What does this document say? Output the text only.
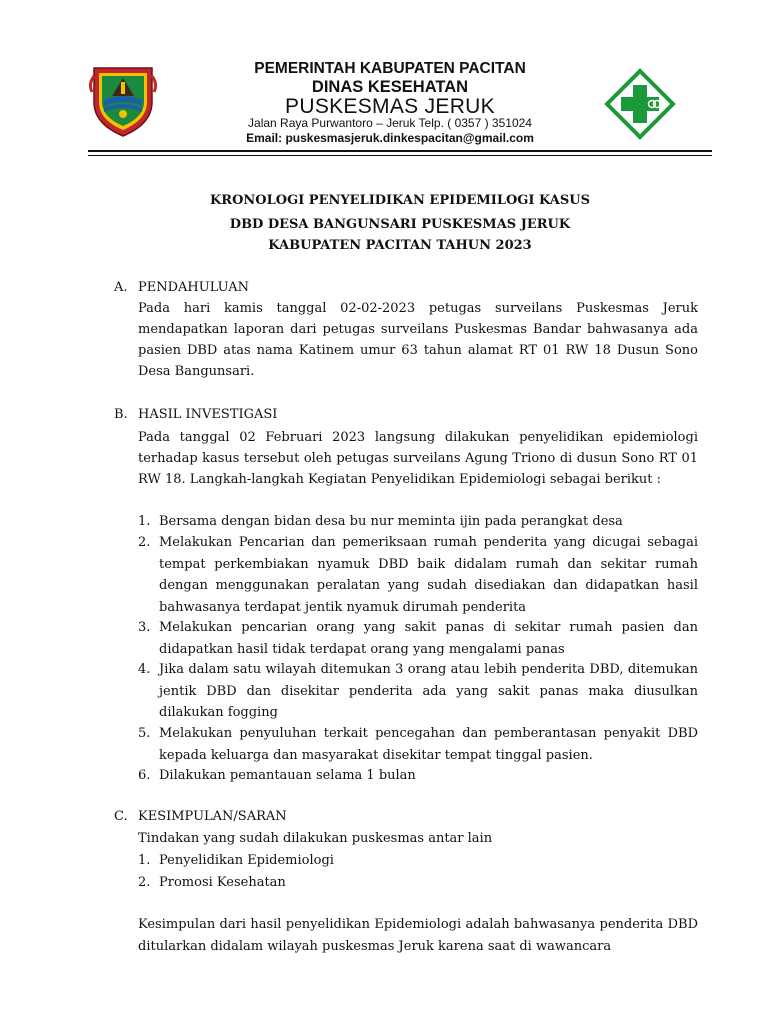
PEMERINTAH KABUPATEN PACITAN
DINAS KESEHATAN
PUSKESMAS JERUK
Jalan Raya Purwantoro – Jeruk Telp. ( 0357 ) 351024
Email: puskesmasjeruk.dinkespacitan@gmail.com
KRONOLOGI PENYELIDIKAN EPIDEMILOGI KASUS
DBD DESA BANGUNSARI PUSKESMAS JERUK
KABUPATEN PACITAN TAHUN 2023
A. PENDAHULUAN
Pada hari kamis tanggal 02-02-2023 petugas surveilans Puskesmas Jeruk mendapatkan laporan dari petugas surveilans Puskesmas Bandar bahwasanya ada pasien DBD atas nama Katinem umur 63 tahun alamat RT 01 RW 18 Dusun Sono Desa Bangunsari.
B. HASIL INVESTIGASI
Pada tanggal 02 Februari 2023 langsung dilakukan penyelidikan epidemiologi terhadap kasus tersebut oleh petugas surveilans Agung Triono di dusun Sono RT 01 RW 18. Langkah-langkah Kegiatan Penyelidikan Epidemiologi sebagai berikut :
1. Bersama dengan bidan desa bu nur meminta ijin pada perangkat desa
2. Melakukan Pencarian dan pemeriksaan rumah penderita yang dicugai sebagai tempat perkembiakan nyamuk DBD baik didalam rumah dan sekitar rumah dengan menggunakan peralatan yang sudah disediakan dan didapatkan hasil bahwasanya terdapat jentik nyamuk dirumah penderita
3. Melakukan pencarian orang yang sakit panas di sekitar rumah pasien dan didapatkan hasil tidak terdapat orang yang mengalami panas
4. Jika dalam satu wilayah ditemukan 3 orang atau lebih penderita DBD, ditemukan jentik DBD dan disekitar penderita ada yang sakit panas maka diusulkan dilakukan fogging
5. Melakukan penyuluhan terkait pencegahan dan pemberantasan penyakit DBD kepada keluarga dan masyarakat disekitar tempat tinggal pasien.
6. Dilakukan pemantauan selama 1 bulan
C. KESIMPULAN/SARAN
Tindakan yang sudah dilakukan puskesmas antar lain
1. Penyelidikan Epidemiologi
2. Promosi Kesehatan
Kesimpulan dari hasil penyelidikan Epidemiologi adalah bahwasanya penderita DBD ditularkan didalam wilayah puskesmas Jeruk karena saat di wawancara
